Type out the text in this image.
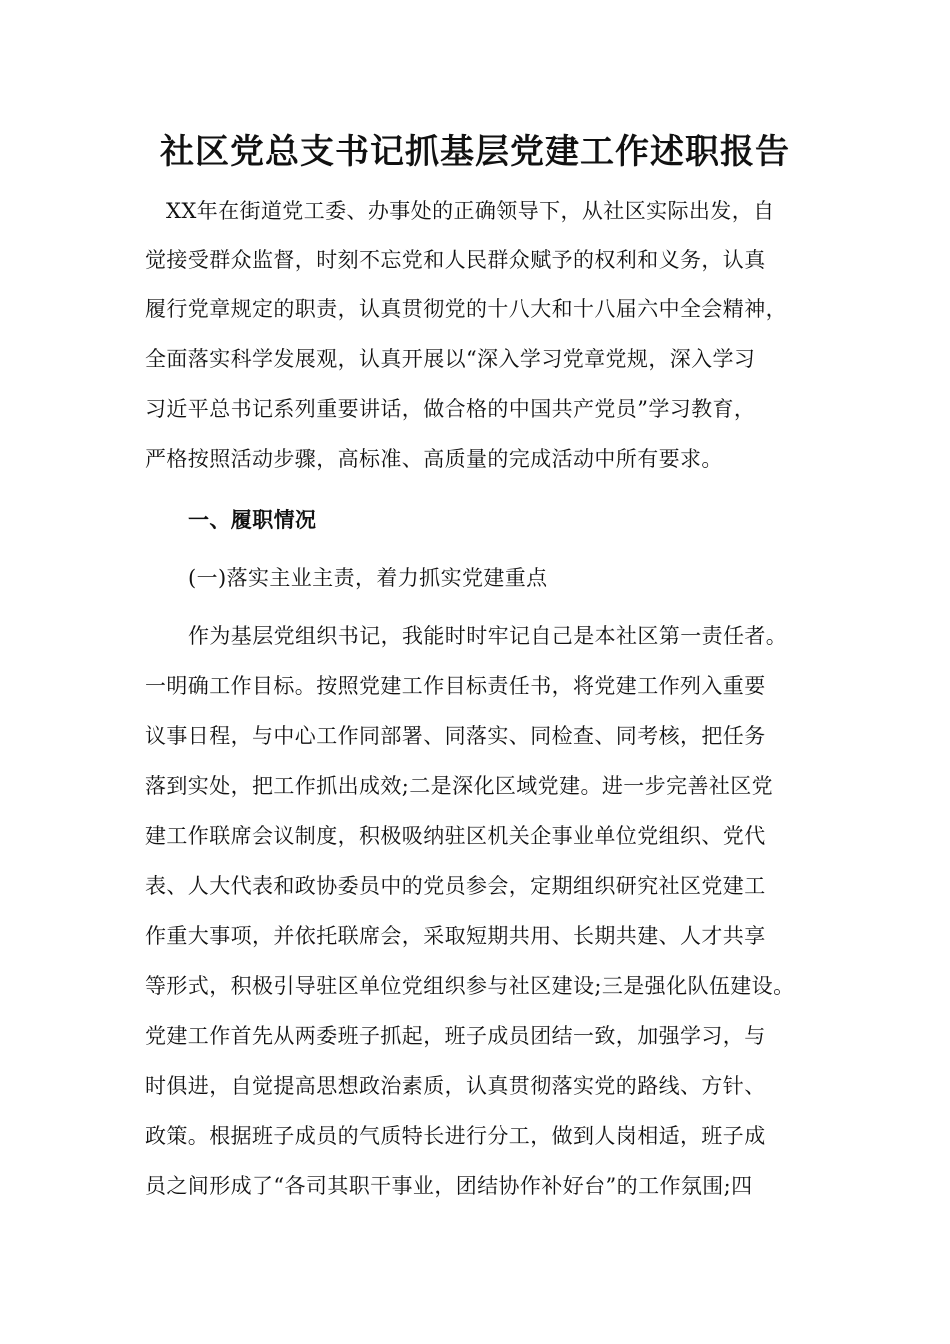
社区党总支书记抓基层党建工作述职报告
XX年在街道党工委、办事处的正确领导下，从社区实际出发，自
觉接受群众监督，时刻不忘党和人民群众赋予的权利和义务，认真
履行党章规定的职责，认真贯彻党的十八大和十八届六中全会精神，
全面落实科学发展观，认真开展以“深入学习党章党规，深入学习
习近平总书记系列重要讲话，做合格的中国共产党员”学习教育，
严格按照活动步骤，高标准、高质量的完成活动中所有要求。
一、履职情况
(一)落实主业主责，着力抓实党建重点
作为基层党组织书记，我能时时牢记自己是本社区第一责任者。
一明确工作目标。按照党建工作目标责任书，将党建工作列入重要
议事日程，与中心工作同部署、同落实、同检查、同考核，把任务
落到实处，把工作抓出成效;二是深化区域党建。进一步完善社区党
建工作联席会议制度，积极吸纳驻区机关企事业单位党组织、党代
表、人大代表和政协委员中的党员参会，定期组织研究社区党建工
作重大事项，并依托联席会，采取短期共用、长期共建、人才共享
等形式，积极引导驻区单位党组织参与社区建设;三是强化队伍建设。
党建工作首先从两委班子抓起，班子成员团结一致，加强学习，与
时俱进，自觉提高思想政治素质，认真贯彻落实党的路线、方针、
政策。根据班子成员的气质特长进行分工，做到人岗相适，班子成
员之间形成了“各司其职干事业，团结协作补好台”的工作氛围;四
